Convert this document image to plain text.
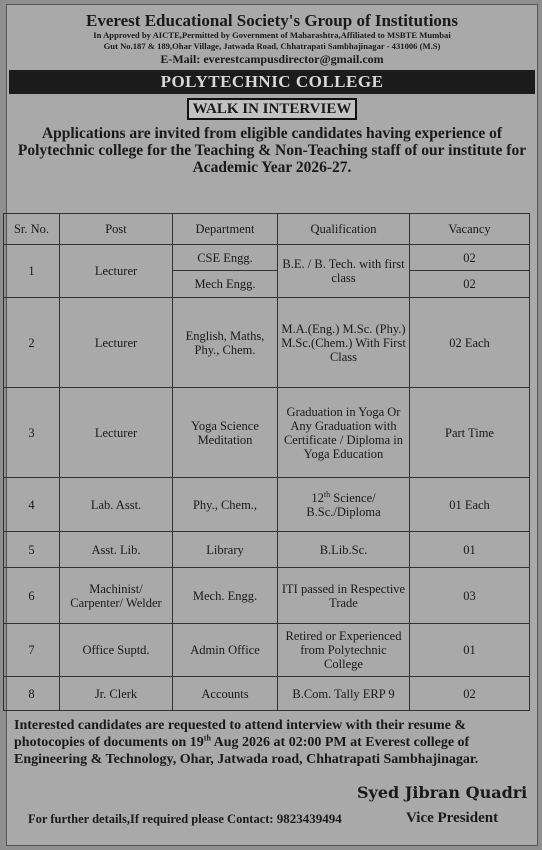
Everest Educational Society's Group of Institutions
In Approved by AICTE,Permitted by Government of Maharashtra,Affiliated to MSBTE Mumbai
Gut No.187 & 189,Ohar Village, Jatwada Road, Chhatrapati Sambhajinagar - 431006 (M.S)
E-Mail: everestcampusdirector@gmail.com
POLYTECHNIC COLLEGE
WALK IN INTERVIEW
Applications are invited from eligible candidates having experience of Polytechnic college for the Teaching & Non-Teaching staff of our institute for Academic Year 2026-27.
Sr. No.	Post	Department	Qualification	Vacancy
1	Lecturer	CSE Engg.	B.E. / B. Tech. with first class	02
		Mech Engg.		02
2	Lecturer	English, Maths, Phy., Chem.	M.A.(Eng.) M.Sc. (Phy.) M.Sc.(Chem.) With First Class	02 Each
3	Lecturer	Yoga Science Meditation	Graduation in Yoga Or Any Graduation with Certificate / Diploma in Yoga Education	Part Time
4	Lab. Asst.	Phy., Chem.,	12th Science/ B.Sc./Diploma	01 Each
5	Asst. Lib.	Library	B.Lib.Sc.	01
6	Machinist/ Carpenter/ Welder	Mech. Engg.	ITI passed in Respective Trade	03
7	Office Suptd.	Admin Office	Retired or Experienced from Polytechnic College	01
8	Jr. Clerk	Accounts	B.Com. Tally ERP 9	02
Interested candidates are requested to attend interview with their resume & photocopies of documents on 19th Aug 2026 at 02:00 PM at Everest college of Engineering & Technology, Ohar, Jatwada road, Chhatrapati Sambhajinagar.
Syed Jibran Quadri
For further details,If required please Contact: 9823439494	Vice President
